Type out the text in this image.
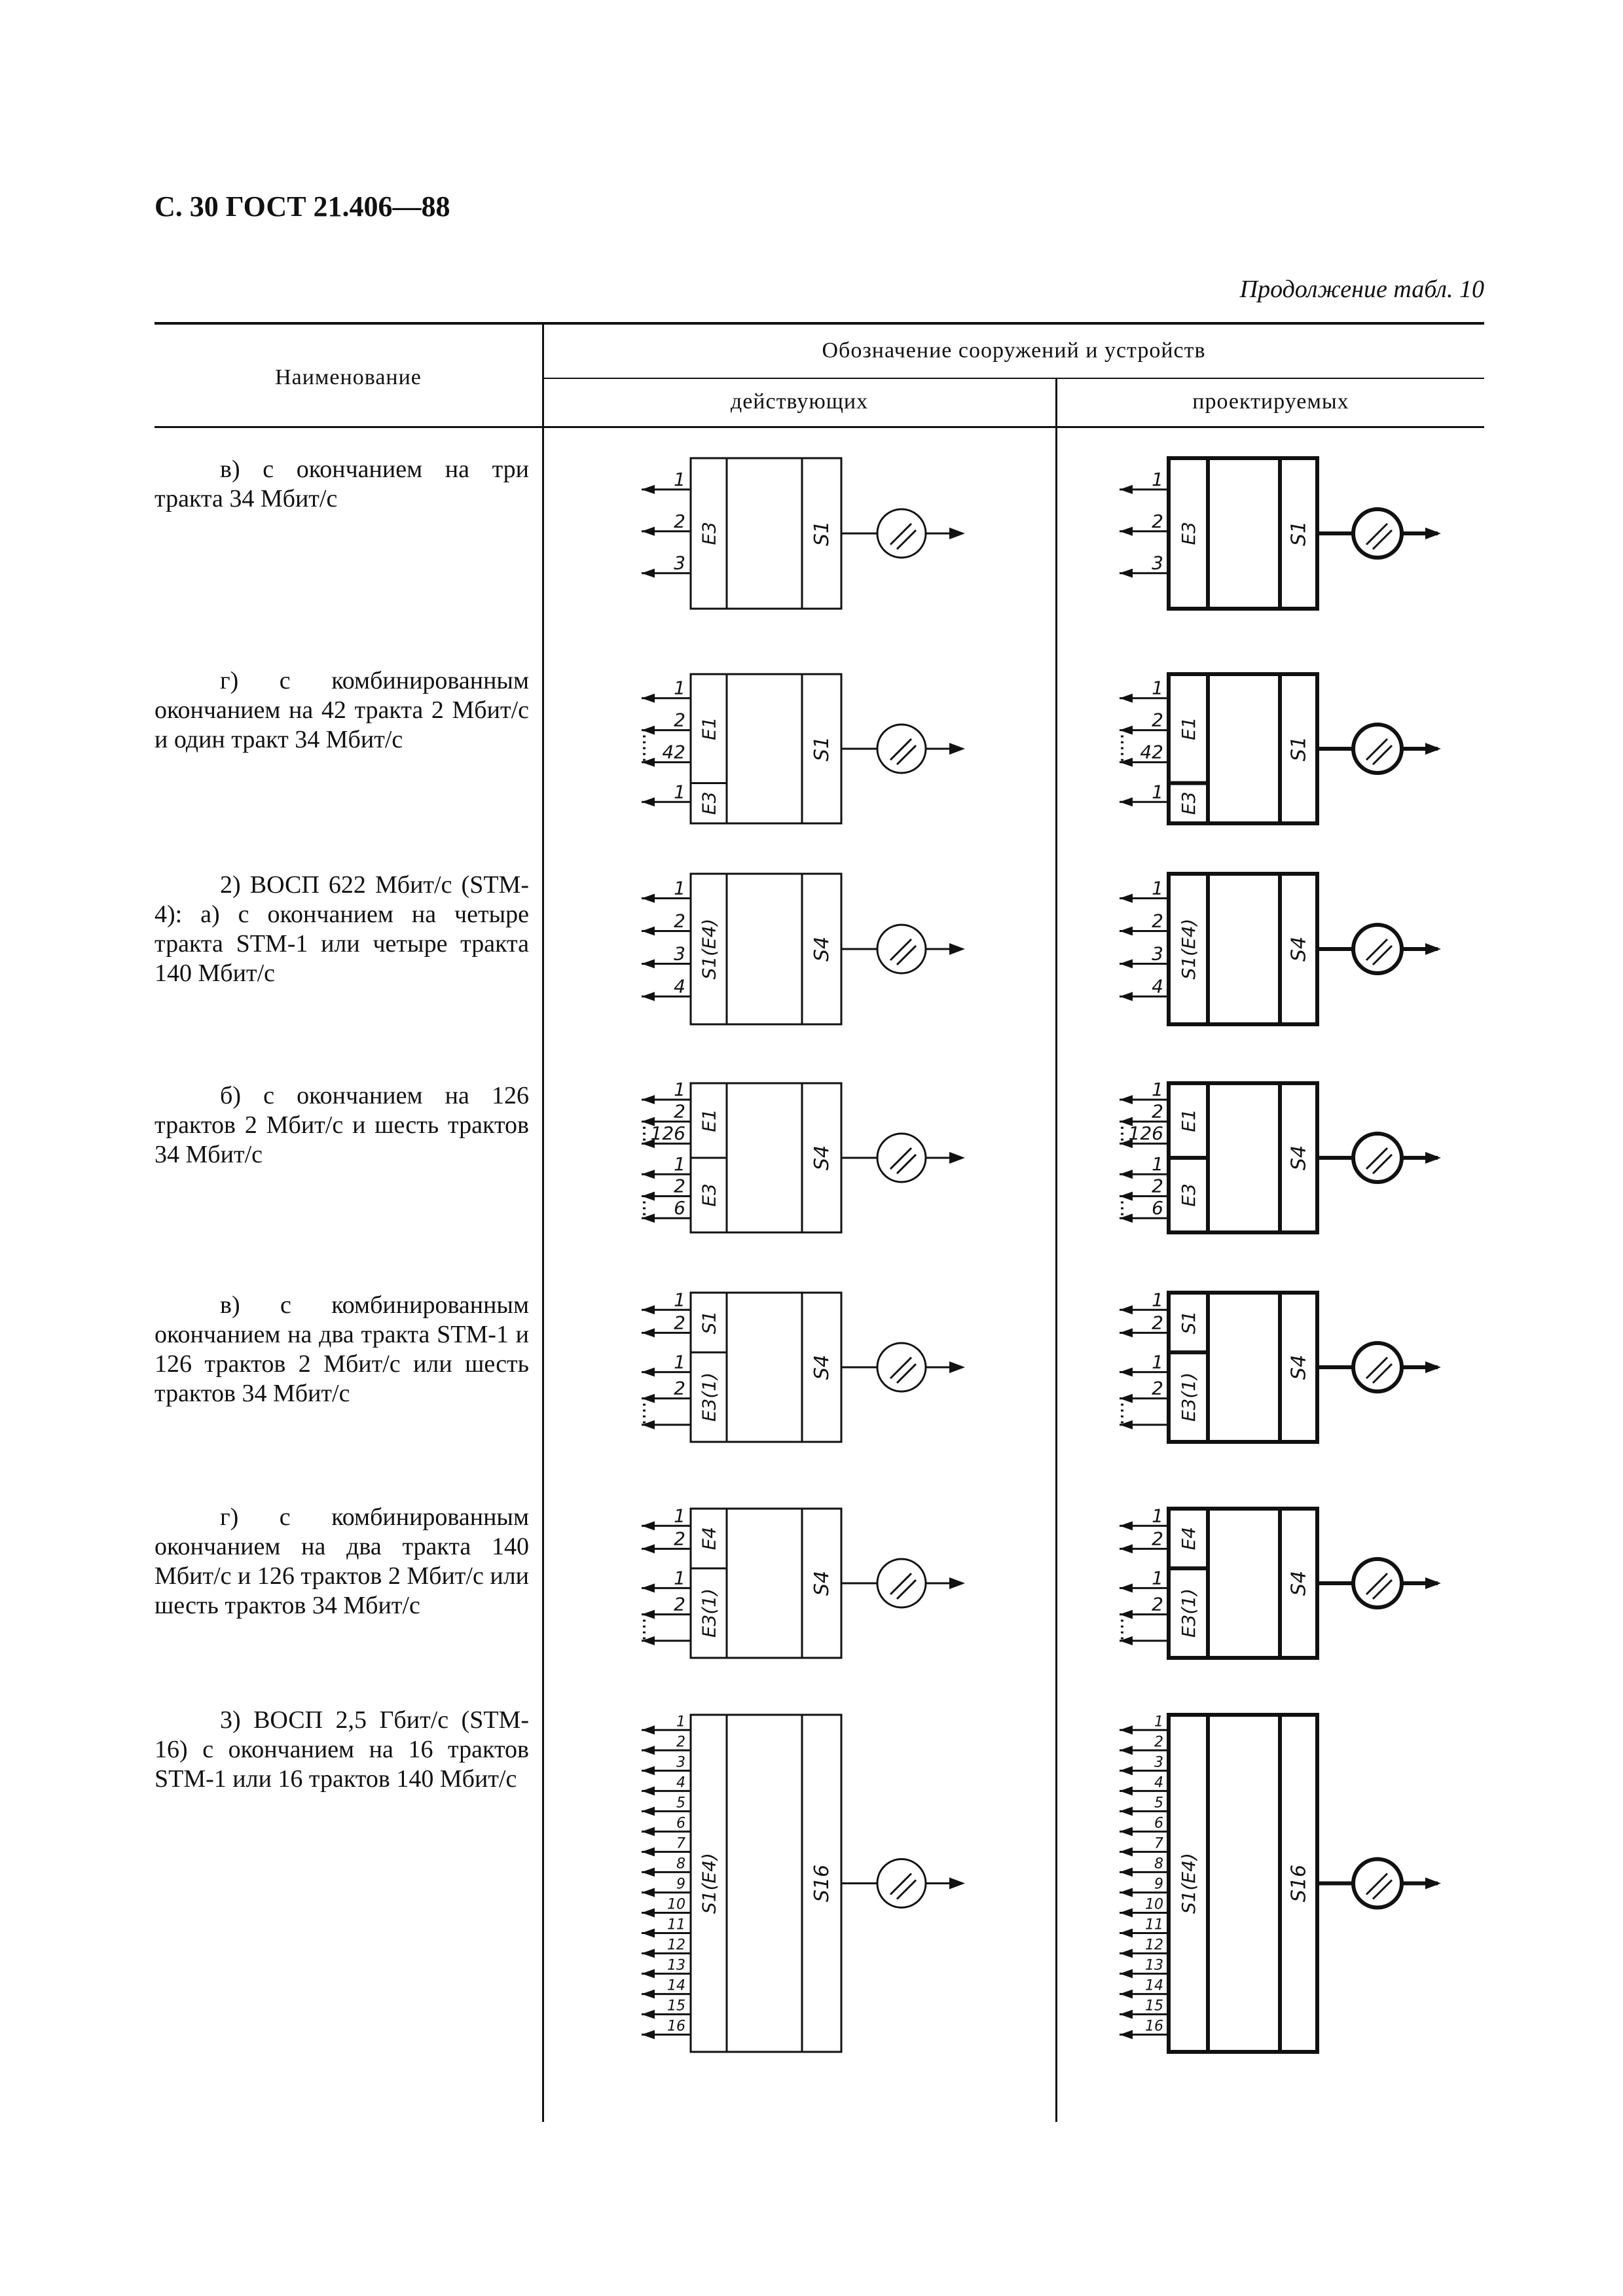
С. 30 ГОСТ 21.406—88
Продолжение табл. 10
Наименование
Обозначение сооружений и устройств
действующих	проектируемых
в) с окончанием на три тракта 34 Мбит/с
г) с комбинированным окончанием на 42 тракта 2 Мбит/с и один тракт 34 Мбит/с
2) ВОСП 622 Мбит/с (STM-4): а) с окончанием на четыре тракта STM-1 или четыре тракта 140 Мбит/с
б) с окончанием на 126 трактов 2 Мбит/с и шесть трактов 34 Мбит/с
в) с комбинированным окончанием на два тракта STM-1 и 126 трактов 2 Мбит/с или шесть трактов 34 Мбит/с
г) с комбинированным окончанием на два тракта 140 Мбит/с и 126 трактов 2 Мбит/с или шесть трактов 34 Мбит/с
3) ВОСП 2,5 Гбит/с (STM-16) с окончанием на 16 трактов STM-1 или 16 трактов 140 Мбит/с
S1
E3
1
2
3
S1
E3
1
2
3
S1
E1
1
2
42
E3
1
S1
E1
1
2
42
E3
1
S4
S1(E4)
1
2
3
4
S4
S1(E4)
1
2
3
4
S4
E1
1
2
126
E3
1
2
6
S4
E1
1
2
126
E3
1
2
6
S4
S1
1
2
E3(1)
1
2
S4
S1
1
2
E3(1)
1
2
S4
E4
1
2
E3(1)
1
2
S4
E4
1
2
E3(1)
1
2
S16
S1(E4)
1
2
3
4
5
6
7
8
9
10
11
12
13
14
15
16
S16
S1(E4)
1
2
3
4
5
6
7
8
9
10
11
12
13
14
15
16
